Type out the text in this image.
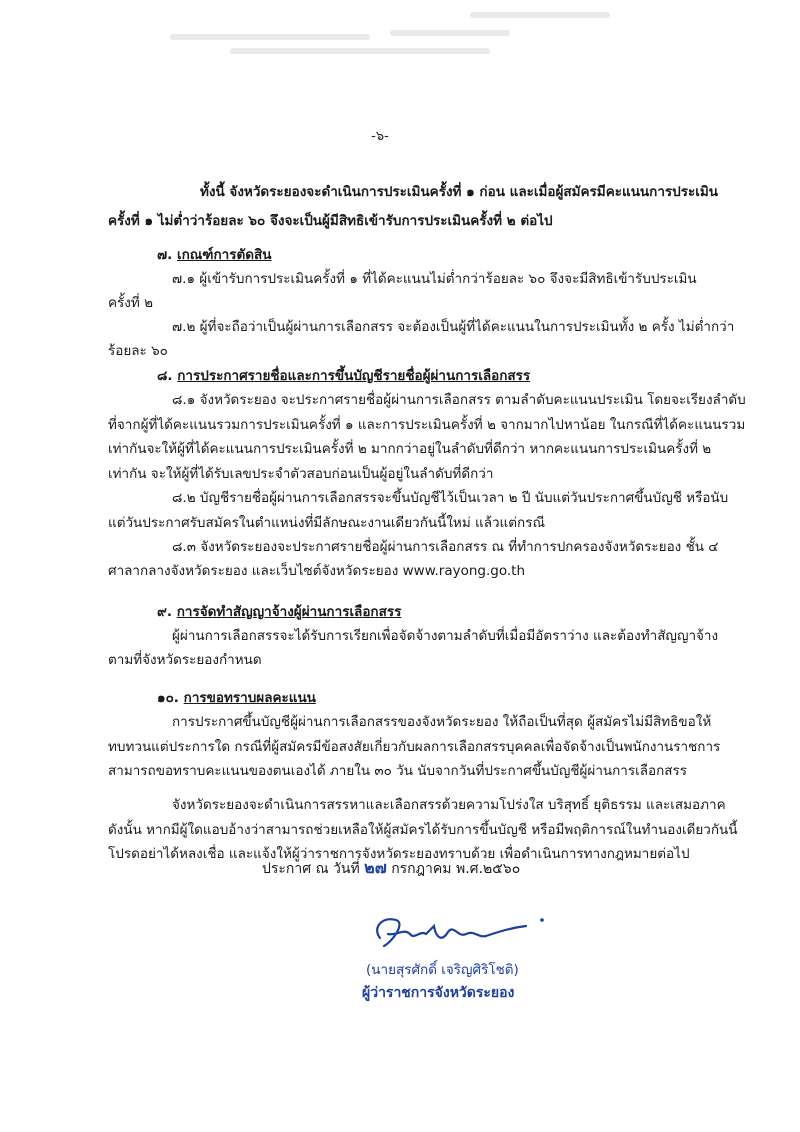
-๖-
ทั้งนี้ จังหวัดระยองจะดำเนินการประเมินครั้งที่ ๑ ก่อน และเมื่อผู้สมัครมีคะแนนการประเมิน
ครั้งที่ ๑ ไม่ต่ำว่าร้อยละ ๖๐ จึงจะเป็นผู้มีสิทธิเข้ารับการประเมินครั้งที่ ๒ ต่อไป
๗. เกณฑ์การตัดสิน
๗.๑ ผู้เข้ารับการประเมินครั้งที่ ๑ ที่ได้คะแนนไม่ต่ำกว่าร้อยละ ๖๐ จึงจะมีสิทธิเข้ารับประเมิน
ครั้งที่ ๒
๗.๒ ผู้ที่จะถือว่าเป็นผู้ผ่านการเลือกสรร จะต้องเป็นผู้ที่ได้คะแนนในการประเมินทั้ง ๒ ครั้ง ไม่ต่ำกว่า
ร้อยละ ๖๐
๘. การประกาศรายชื่อและการขึ้นบัญชีรายชื่อผู้ผ่านการเลือกสรร
๘.๑ จังหวัดระยอง จะประกาศรายชื่อผู้ผ่านการเลือกสรร ตามลำดับคะแนนประเมิน โดยจะเรียงลำดับ
ที่จากผู้ที่ได้คะแนนรวมการประเมินครั้งที่ ๑ และการประเมินครั้งที่ ๒ จากมากไปหาน้อย ในกรณีที่ได้คะแนนรวม
เท่ากันจะให้ผู้ที่ได้คะแนนการประเมินครั้งที่ ๒ มากกว่าอยู่ในลำดับที่ดีกว่า หากคะแนนการประเมินครั้งที่ ๒
เท่ากัน จะให้ผู้ที่ได้รับเลขประจำตัวสอบก่อนเป็นผู้อยู่ในลำดับที่ดีกว่า
๘.๒ บัญชีรายชื่อผู้ผ่านการเลือกสรรจะขึ้นบัญชีไว้เป็นเวลา ๒ ปี นับแต่วันประกาศขึ้นบัญชี หรือนับ
แต่วันประกาศรับสมัครในตำแหน่งที่มีลักษณะงานเดียวกันนี้ใหม่ แล้วแต่กรณี
๘.๓ จังหวัดระยองจะประกาศรายชื่อผู้ผ่านการเลือกสรร ณ ที่ทำการปกครองจังหวัดระยอง ชั้น ๔
ศาลากลางจังหวัดระยอง และเว็บไซต์จังหวัดระยอง www.rayong.go.th
๙. การจัดทำสัญญาจ้างผู้ผ่านการเลือกสรร
ผู้ผ่านการเลือกสรรจะได้รับการเรียกเพื่อจัดจ้างตามลำดับที่เมื่อมีอัตราว่าง และต้องทำสัญญาจ้าง
ตามที่จังหวัดระยองกำหนด
๑๐. การขอทราบผลคะแนน
การประกาศขึ้นบัญชีผู้ผ่านการเลือกสรรของจังหวัดระยอง ให้ถือเป็นที่สุด ผู้สมัครไม่มีสิทธิขอให้
ทบทวนแต่ประการใด กรณีที่ผู้สมัครมีข้อสงสัยเกี่ยวกับผลการเลือกสรรบุคคลเพื่อจัดจ้างเป็นพนักงานราชการ
สามารถขอทราบคะแนนของตนเองได้ ภายใน ๓๐ วัน นับจากวันที่ประกาศขึ้นบัญชีผู้ผ่านการเลือกสรร
จังหวัดระยองจะดำเนินการสรรหาและเลือกสรรด้วยความโปร่งใส บริสุทธิ์ ยุติธรรม และเสมอภาค
ดังนั้น หากมีผู้ใดแอบอ้างว่าสามารถช่วยเหลือให้ผู้สมัครได้รับการขึ้นบัญชี หรือมีพฤติการณ์ในทำนองเดียวกันนี้
โปรดอย่าได้หลงเชื่อ และแจ้งให้ผู้ว่าราชการจังหวัดระยองทราบด้วย เพื่อดำเนินการทางกฎหมายต่อไป
ประกาศ ณ วันที่ ๒๗ กรกฎาคม พ.ศ.๒๕๖๐
(นายสุรศักดิ์ เจริญศิริโชติ)
ผู้ว่าราชการจังหวัดระยอง
